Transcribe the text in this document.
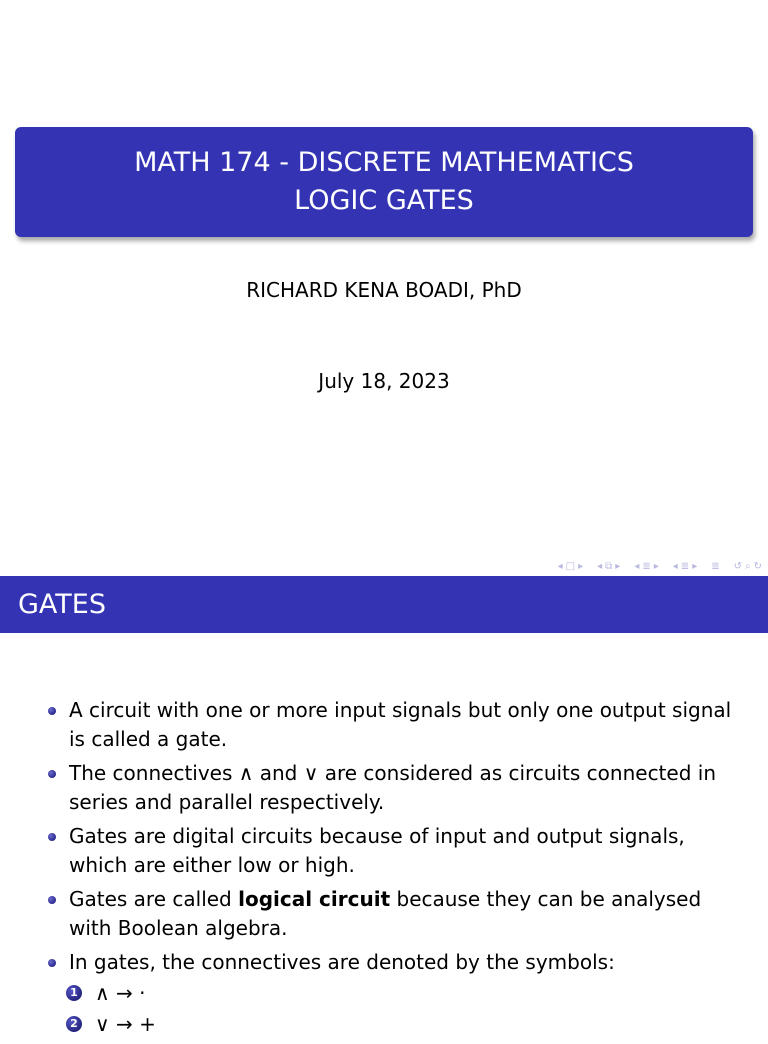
MATH 174 - DISCRETE MATHEMATICS
LOGIC GATES
RICHARD KENA BOADI, PhD
July 18, 2023
◂ □ ▸ ◂ ⧉ ▸ ◂ ≣ ▸ ◂ ≣ ▸ ≣ ↺ ⌕ ↻
GATES
A circuit with one or more input signals but only one output signal is called a gate.
The connectives ∧ and ∨ are considered as circuits connected in series and parallel respectively.
Gates are digital circuits because of input and output signals, which are either low or high.
Gates are called logical circuit because they can be analysed with Boolean algebra.
In gates, the connectives are denoted by the symbols:
1 ∧ → ·
2 ∨ → +
